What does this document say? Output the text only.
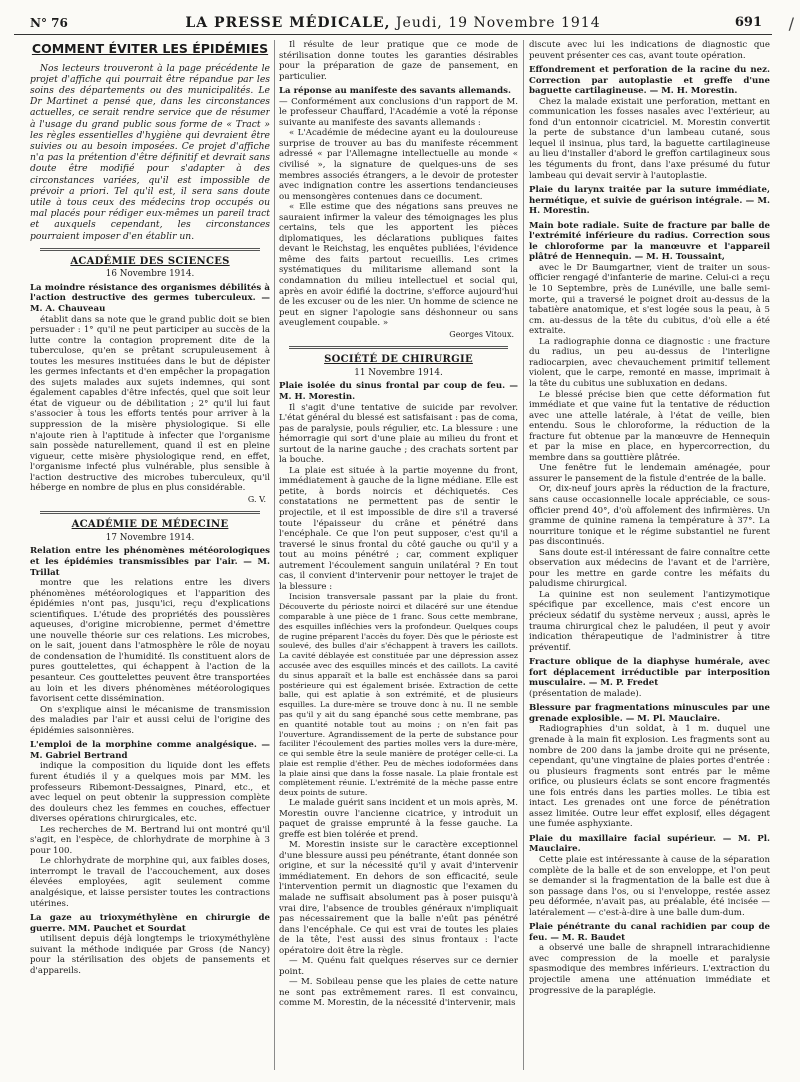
N° 76	LA PRESSE MÉDICALE, Jeudi, 19 Novembre 1914	691 /
COMMENT ÉVITER LES ÉPIDÉMIES

Nos lecteurs trouveront à la page précédente le projet d'affiche qui pourrait être répandue par les soins des départements ou des municipalités. Le Dr Martinet a pensé que, dans les circonstances actuelles, ce serait rendre service que de résumer à l'usage du grand public sous forme de « Tract » les règles essentielles d'hygiène qui devraient être suivies ou au besoin imposées. Ce projet d'affiche n'a pas la prétention d'être définitif et devrait sans doute être modifié pour s'adapter à des circonstances variées, qu'il est impossible de prévoir a priori. Tel qu'il est, il sera sans doute utile à tous ceux des médecins trop occupés ou mal placés pour rédiger eux-mêmes un pareil tract et auxquels cependant, les circonstances pourraient imposer d'en établir un.

ACADÉMIE DES SCIENCES
16 Novembre 1914.

La moindre résistance des organismes débilités à l'action destructive des germes tuberculeux. — M. A. Chauveau

établit dans sa note que le grand public doit se bien persuader : 1° qu'il ne peut participer au succès de la lutte contre la contagion proprement dite de la tuberculose, qu'en se prêtant scrupuleusement à toutes les mesures instituées dans le but de dépister les germes infectants et d'en empêcher la propagation des sujets malades aux sujets indemnes, qui sont également capables d'être infectés, quel que soit leur état de vigueur ou de débilitation ; 2° qu'il lui faut s'associer à tous les efforts tentés pour arriver à la suppression de la misère physiologique. Si elle n'ajoute rien à l'aptitude à infecter que l'organisme sain possède naturellement, quand il est en pleine vigueur, cette misère physiologique rend, en effet, l'organisme infecté plus vulnérable, plus sensible à l'action destructive des microbes tuberculeux, qu'il héberge en nombre de plus en plus considérable.

G. V.
ACADÉMIE DE MÉDECINE
17 Novembre 1914.

Relation entre les phénomènes météorologiques et les épidémies transmissibles par l'air. — M. Trillat

montre que les relations entre les divers phénomènes météorologiques et l'apparition des épidémies n'ont pas, jusqu'ici, reçu d'explications scientifiques. L'étude des propriétés des poussières aqueuses, d'origine microbienne, permet d'émettre une nouvelle théorie sur ces relations. Les microbes, on le sait, jouent dans l'atmosphère le rôle de noyau de condensation de l'humidité. Ils constituent alors de pures gouttelettes, qui échappent à l'action de la pesanteur. Ces gouttelettes peuvent être transportées au loin et les divers phénomènes météorologiques favorisent cette dissémination.

On s'explique ainsi le mécanisme de transmission des maladies par l'air et aussi celui de l'origine des épidémies saisonnières.

L'emploi de la morphine comme analgésique. — M. Gabriel Bertrand

indique la composition du liquide dont les effets furent étudiés il y a quelques mois par MM. les professeurs Ribemont-Dessaignes, Pinard, etc., et avec lequel on peut obtenir la suppression complète des douleurs chez les femmes en couches, effectuer diverses opérations chirurgicales, etc.

Les recherches de M. Bertrand lui ont montré qu'il s'agit, en l'espèce, de chlorhydrate de morphine à 3 pour 100.

Le chlorhydrate de morphine qui, aux faibles doses, interrompt le travail de l'accouchement, aux doses élevées employées, agit seulement comme analgésique, et laisse persister toutes les contractions utérines.

La gaze au trioxyméthylène en chirurgie de guerre. MM. Pauchet et Sourdat

utilisent depuis déjà longtemps le trioxyméthylène suivant la méthode indiquée par Gross (de Nancy) pour la stérilisation des objets de pansements et d'appareils.

Il résulte de leur pratique que ce mode de stérilisation donne toutes les garanties désirables pour la préparation de gaze de pansement, en particulier.

La réponse au manifeste des savants allemands.

— Conformément aux conclusions d'un rapport de M. le professeur Chauffard, l'Académie a voté la réponse suivante au manifeste des savants allemands :

« L'Académie de médecine ayant eu la douloureuse surprise de trouver au bas du manifeste récemment adressé « par l'Allemagne intellectuelle au monde « civilisé », la signature de quelques-uns de ses membres associés étrangers, a le devoir de protester avec indignation contre les assertions tendancieuses ou mensongères contenues dans ce document.

« Elle estime que des négations sans preuves ne sauraient infirmer la valeur des témoignages les plus certains, tels que les apportent les pièces diplomatiques, les déclarations publiques faites devant le Reichstag, les enquêtes publiées, l'évidence même des faits partout recueillis. Les crimes systématiques du militarisme allemand sont la condamnation du milieu intellectuel et social qui, après en avoir édifié la doctrine, s'efforce aujourd'hui de les excuser ou de les nier. Un homme de science ne peut en signer l'apologie sans déshonneur ou sans aveuglement coupable. »

Georges Vitoux.
SOCIÉTÉ DE CHIRURGIE
11 Novembre 1914.

Plaie isolée du sinus frontal par coup de feu. — M. H. Morestin.

Il s'agit d'une tentative de suicide par revolver. L'état général du blessé est satisfaisant : pas de coma, pas de paralysie, pouls régulier, etc. La blessure : une hémorragie qui sort d'une plaie au milieu du front et surtout de la narine gauche ; des crachats sortent par la bouche.

La plaie est située à la partie moyenne du front, immédiatement à gauche de la ligne médiane. Elle est petite, à bords noircis et déchiquetés. Ces constatations ne permettent pas de sentir le projectile, et il est impossible de dire s'il a traversé toute l'épaisseur du crâne et pénétré dans l'encéphale. Ce que l'on peut supposer, c'est qu'il a traversé le sinus frontal du côté gauche ou qu'il y a tout au moins pénétré ; car, comment expliquer autrement l'écoulement sanguin unilatéral ? En tout cas, il convient d'intervenir pour nettoyer le trajet de la blessure :

Incision transversale passant par la plaie du front. Découverte du périoste noirci et dilacéré sur une étendue comparable à une pièce de 1 franc. Sous cette membrane, des esquilles infléchies vers la profondeur. Quelques coups de rugine préparent l'accès du foyer. Dès que le périoste est soulevé, des bulles d'air s'échappent à travers les caillots. La cavité déblayée est constituée par une dépression assez accusée avec des esquilles mincés et des caillots. La cavité du sinus apparaît et la balle est enchâssée dans sa paroi postérieure qui est également brisée. Extraction de cette balle, qui est aplatie à son extrémité, et de plusieurs esquilles. La dure-mère se trouve donc à nu. Il ne semble pas qu'il y ait du sang épanché sous cette membrane, pas en quantité notable tout au moins ; on n'en fait pas l'ouverture. Agrandissement de la perte de substance pour faciliter l'écoulement des parties molles vers la dure-mère, ce qui semble être la seule manière de protéger celle-ci. La plaie est remplie d'éther. Peu de mèches iodoformées dans la plaie ainsi que dans la fosse nasale. La plaie frontale est complètement réunie. L'extrémité de la mèche passe entre deux points de suture.

Le malade guérit sans incident et un mois après, M. Morestin ouvre l'ancienne cicatrice, y introduit un paquet de graisse emprunté à la fesse gauche. La greffe est bien tolérée et prend.

M. Morestin insiste sur le caractère exceptionnel d'une blessure aussi peu pénétrante, étant donnée son origine, et sur la nécessité qu'il y avait d'intervenir immédiatement. En dehors de son efficacité, seule l'intervention permit un diagnostic que l'examen du malade ne suffisait absolument pas à poser puisqu'à vrai dire, l'absence de troubles généraux n'impliquait pas nécessairement que la balle n'eût pas pénétré dans l'encéphale. Ce qui est vrai de toutes les plaies de la tête, l'est aussi des sinus frontaux : l'acte opératoire doit être la règle.

— M. Quénu fait quelques réserves sur ce dernier point.

— M. Sobileau pense que les plaies de cette nature ne sont pas extrêmement rares. Il est convaincu, comme M. Morestin, de la nécessité d'intervenir, mais

discute avec lui les indications de diagnostic que peuvent présenter ces cas, avant toute opération.

Effondrement et perforation de la racine du nez. Correction par autoplastie et greffe d'une baguette cartilagineuse. — M. H. Morestin.

Chez la malade existait une perforation, mettant en communication les fosses nasales avec l'extérieur, au fond d'un entonnoir cicatriciel. M. Morestin convertit la perte de substance d'un lambeau cutané, sous lequel il insinua, plus tard, la baguette cartilagineuse au lieu d'installer d'abord le greffon cartilagineux sous les téguments du front, dans l'axe présumé du futur lambeau qui devait servir à l'autoplastie.

Plaie du larynx traitée par la suture immédiate, hermétique, et suivie de guérison intégrale. — M. H. Morestin.

Main bote radiale. Suite de fracture par balle de l'extrémité inférieure du radius. Correction sous le chloroforme par la manœuvre et l'appareil plâtré de Hennequin. — M. H. Toussaint,

avec le Dr Baumgartner, vient de traiter un sous-officier rengagé d'infanterie de marine. Celui-ci a reçu le 10 Septembre, près de Lunéville, une balle semi-morte, qui a traversé le poignet droit au-dessus de la tabatière anatomique, et s'est logée sous la peau, à 5 cm. au-dessus de la tête du cubitus, d'où elle a été extraite.

La radiographie donna ce diagnostic : une fracture du radius, un peu au-dessus de l'interligne radiocarpien, avec chevauchement primitif tellement violent, que le carpe, remonté en masse, imprimait à la tête du cubitus une subluxation en dedans.

Le blessé précise bien que cette déformation fut immédiate et que vaine fut la tentative de réduction avec une attelle latérale, à l'état de veille, bien entendu. Sous le chloroforme, la réduction de la fracture fut obtenue par la manœuvre de Hennequin et par la mise en place, en hypercorrection, du membre dans sa gouttière plâtrée.

Une fenêtre fut le lendemain aménagée, pour assurer le pansement de la fistule d'entrée de la balle.

Or, dix-neuf jours après la réduction de la fracture, sans cause occasionnelle locale appréciable, ce sous-officier prend 40°, d'où affolement des infirmières. Un gramme de quinine ramena la température à 37°. La nourriture tonique et le régime substantiel ne furent pas discontinués.

Sans doute est-il intéressant de faire connaître cette observation aux médecins de l'avant et de l'arrière, pour les mettre en garde contre les méfaits du paludisme chirurgical.

La quinine est non seulement l'antizymotique spécifique par excellence, mais c'est encore un précieux sédatif du système nerveux ; aussi, après le trauma chirurgical chez le paludéen, il peut y avoir indication thérapeutique de l'administrer à titre préventif.

Fracture oblique de la diaphyse humérale, avec fort déplacement irréductible par interposition musculaire. — M. P. Fredet

(présentation de malade).

Blessure par fragmentations minuscules par une grenade explosible. — M. Pl. Mauclaire.

Radiographies d'un soldat, à 1 m. duquel une grenade à la main fit explosion. Les fragments sont au nombre de 200 dans la jambe droite qui ne présente, cependant, qu'une vingtaine de plaies portes d'entrée : ou plusieurs fragments sont entrés par le même orifice, ou plusieurs éclats se sont encore fragmentés une fois entrés dans les parties molles. Le tibia est intact. Les grenades ont une force de pénétration assez limitée. Outre leur effet explosif, elles dégagent une fumée asphyxiante.

Plaie du maxillaire facial supérieur. — M. Pl. Mauclaire.

Cette plaie est intéressante à cause de la séparation complète de la balle et de son enveloppe, et l'on peut se demander si la fragmentation de la balle est due à son passage dans l'os, ou si l'enveloppe, restée assez peu déformée, n'avait pas, au préalable, été incisée — latéralement — c'est-à-dire à une balle dum-dum.

Plaie pénétrante du canal rachidien par coup de feu. — M. R. Baudet

a observé une balle de shrapnell intrarachidienne avec compression de la moelle et paralysie spasmodique des membres inférieurs. L'extraction du projectile amena une atténuation immédiate et progressive de la paraplégie.
